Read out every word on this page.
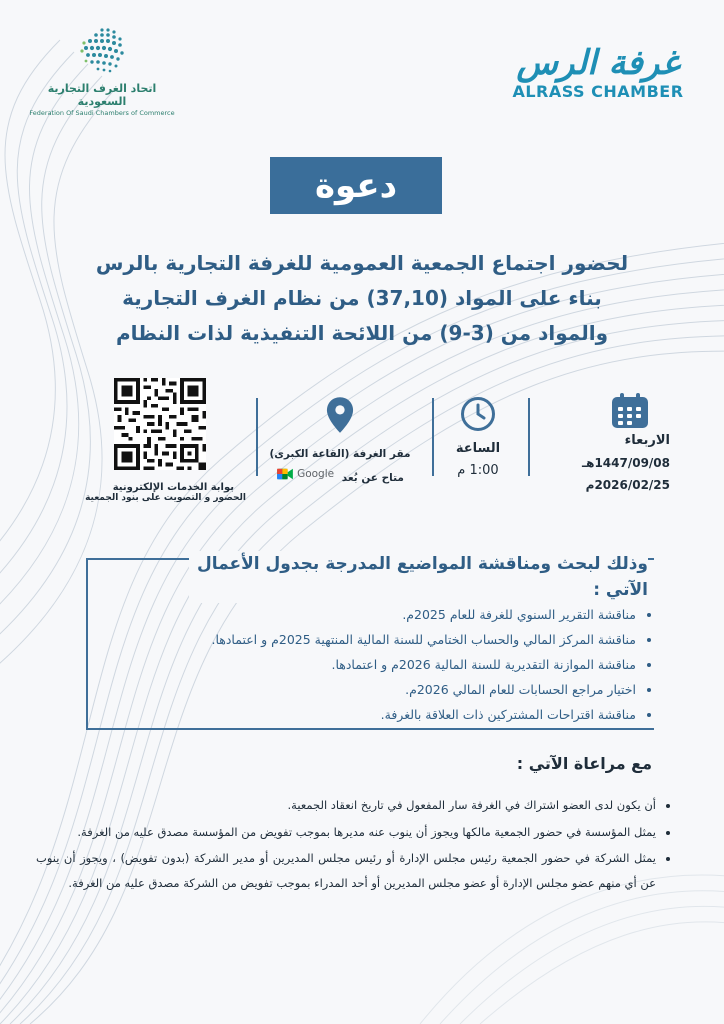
غرفة الرس
ALRASS CHAMBER
اتحاد الغرف التجارية السعودية
Federation Of Saudi Chambers of Commerce
دعوة
لحضور اجتماع الجمعية العمومية للغرفة التجارية بالرس
بناء على المواد (37,10) من نظام الغرف التجارية
والمواد من (3-9) من اللائحة التنفيذية لذات النظام
الاربعاء
1447/09/08هـ
2026/02/25م
الساعة
1:00 م
مقر الغرفة (القاعة الكبرى)
متاح عن بُعد
Google
بوابة الخدمات الإلكترونية
الحضور و التصويت على بنود الجمعية
وذلك لبحث ومناقشة المواضيع المدرجة بجدول الأعمال
الآتي :
• مناقشة التقرير السنوي للغرفة للعام 2025م.
• مناقشة المركز المالي والحساب الختامي للسنة المالية المنتهية 2025م و اعتمادها.
• مناقشة الموازنة التقديرية للسنة المالية 2026م و اعتمادها.
• اختيار مراجع الحسابات للعام المالي 2026م.
• مناقشة اقتراحات المشتركين ذات العلاقة بالغرفة.
مع مراعاة الآتي :
• أن يكون لدى العضو اشتراك في الغرفة سار المفعول في تاريخ انعقاد الجمعية.
• يمثل المؤسسة في حضور الجمعية مالكها ويجوز أن ينوب عنه مديرها بموجب تفويض من المؤسسة مصدق عليه من الغرفة.
• يمثل الشركة في حضور الجمعية رئيس مجلس الإدارة أو رئيس مجلس المديرين أو مدير الشركة (بدون تفويض) ، ويجوز أن ينوب عن أي منهم عضو مجلس الإدارة أو عضو مجلس المديرين أو أحد المدراء بموجب تفويض من الشركة مصدق عليه من الغرفة.
